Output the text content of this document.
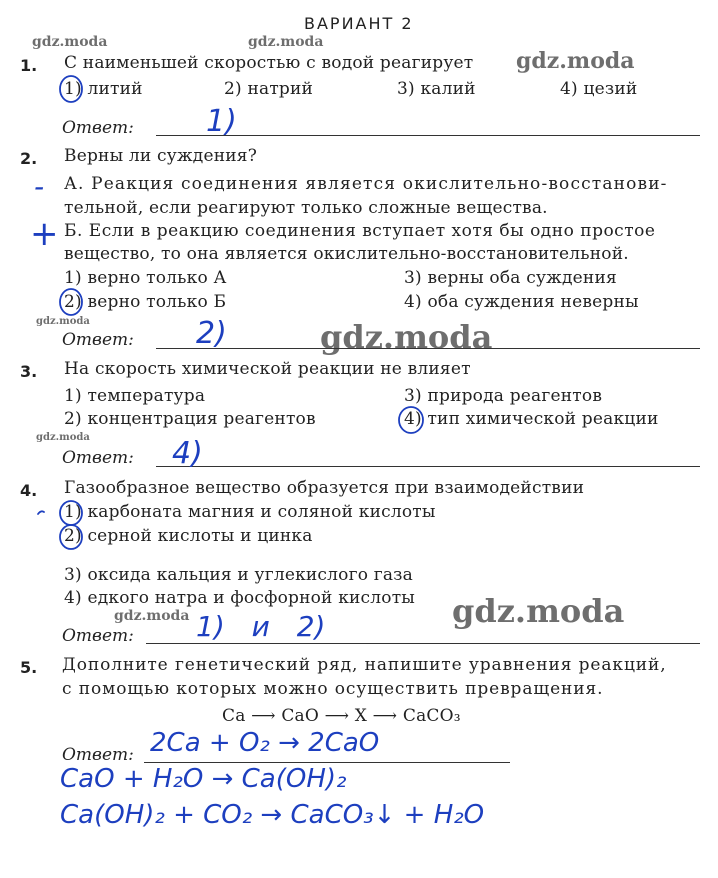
ВАРИАНТ 2
gdz.moda	gdz.moda
gdz.moda
gdz.moda	gdz.moda
gdz.moda
gdz.moda
gdz.moda
1. С наименьшей скоростью с водой реагирует
1) литий	2) натрий	3) калий	4) цезий
Ответ: 1)
2. Верны ли суждения?
А. Реакция соединения является окислительно-восстанови-
тельной, если реагируют только сложные вещества.
Б. Если в реакцию соединения вступает хотя бы одно простое
вещество, то она является окислительно-восстановительной.
-
+
1) верно только А
2) верно только Б
3) верны оба суждения
4) оба суждения неверны
Ответ: 2)
3. На скорость химической реакции не влияет
1) температура
2) концентрация реагентов
3) природа реагентов
4) тип химической реакции
Ответ: 4)
4. Газообразное вещество образуется при взаимодействии
1) карбоната магния и соляной кислоты
2) серной кислоты и цинка
3) оксида кальция и углекислого газа
4) едкого натра и фосфорной кислоты
Ответ: 1) и 2)
5. Дополните генетический ряд, напишите уравнения реакций,
с помощью которых можно осуществить превращения.
Ca ⟶ CaO ⟶ X ⟶ CaCO₃
Ответ: 2Ca + O₂ → 2CaO
CaO + H₂O → Ca(OH)₂
Ca(OH)₂ + CO₂ → CaCO₃↓ + H₂O
